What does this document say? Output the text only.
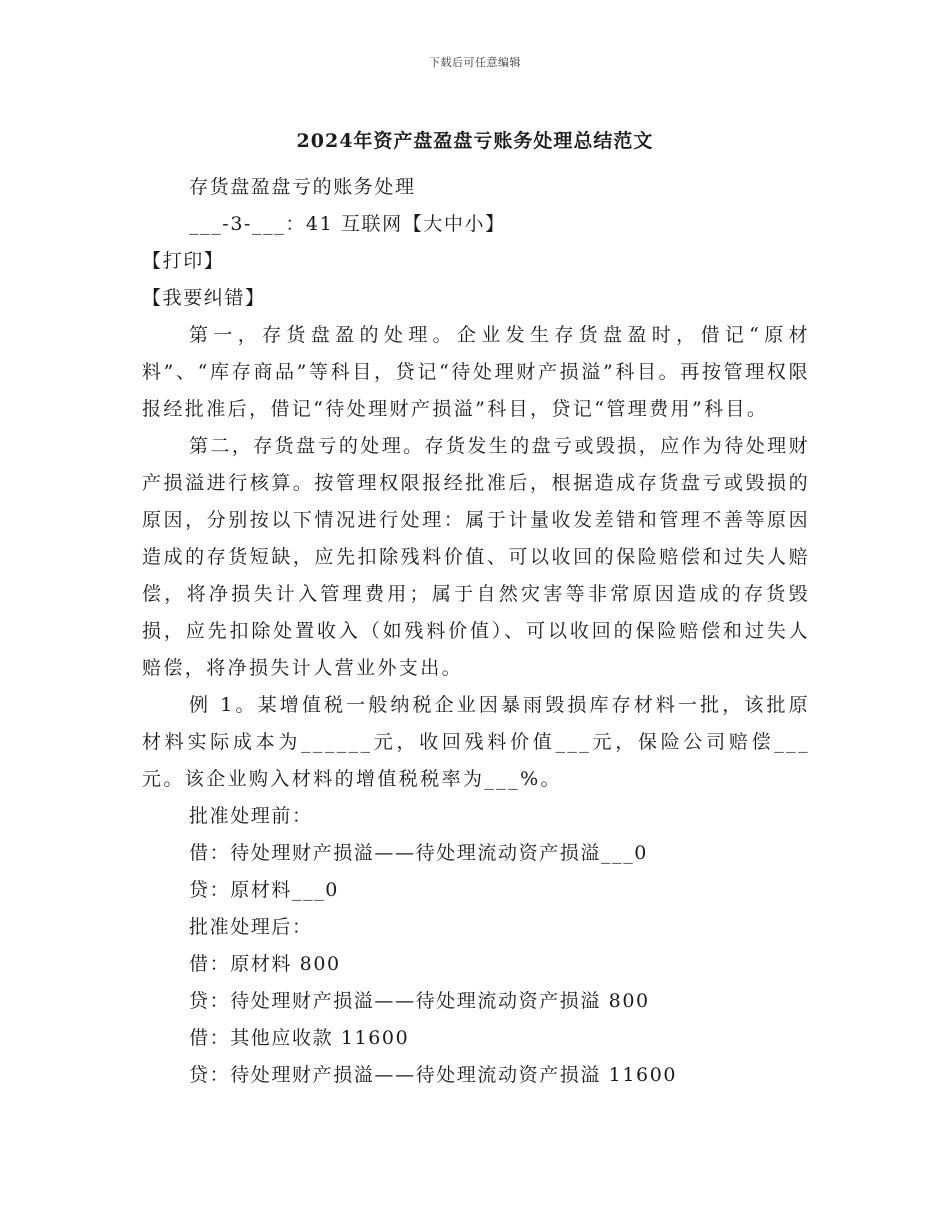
下载后可任意编辑
2024年资产盘盈盘亏账务处理总结范文
存货盘盈盘亏的账务处理
___-3-___：41 互联网【大中小】
【打印】
【我要纠错】

第一，存货盘盈的处理。企业发生存货盘盈时，借记“原材料”、“库存商品”等科目，贷记“待处理财产损溢”科目。再按管理权限报经批准后，借记“待处理财产损溢”科目，贷记“管理费用”科目。

第二，存货盘亏的处理。存货发生的盘亏或毁损，应作为待处理财产损溢进行核算。按管理权限报经批准后，根据造成存货盘亏或毁损的原因，分别按以下情况进行处理：属于计量收发差错和管理不善等原因造成的存货短缺，应先扣除残料价值、可以收回的保险赔偿和过失人赔偿，将净损失计入管理费用；属于自然灾害等非常原因造成的存货毁损，应先扣除处置收入（如残料价值）、可以收回的保险赔偿和过失人赔偿，将净损失计人营业外支出。

例 1。某增值税一般纳税企业因暴雨毁损库存材料一批，该批原材料实际成本为______元，收回残料价值___元，保险公司赔偿___元。该企业购入材料的增值税税率为___%。

批准处理前：
借：待处理财产损溢——待处理流动资产损溢___0
贷：原材料___0
批准处理后：
借：原材料 800
贷：待处理财产损溢——待处理流动资产损溢 800
借：其他应收款 11600
贷：待处理财产损溢——待处理流动资产损溢 11600
